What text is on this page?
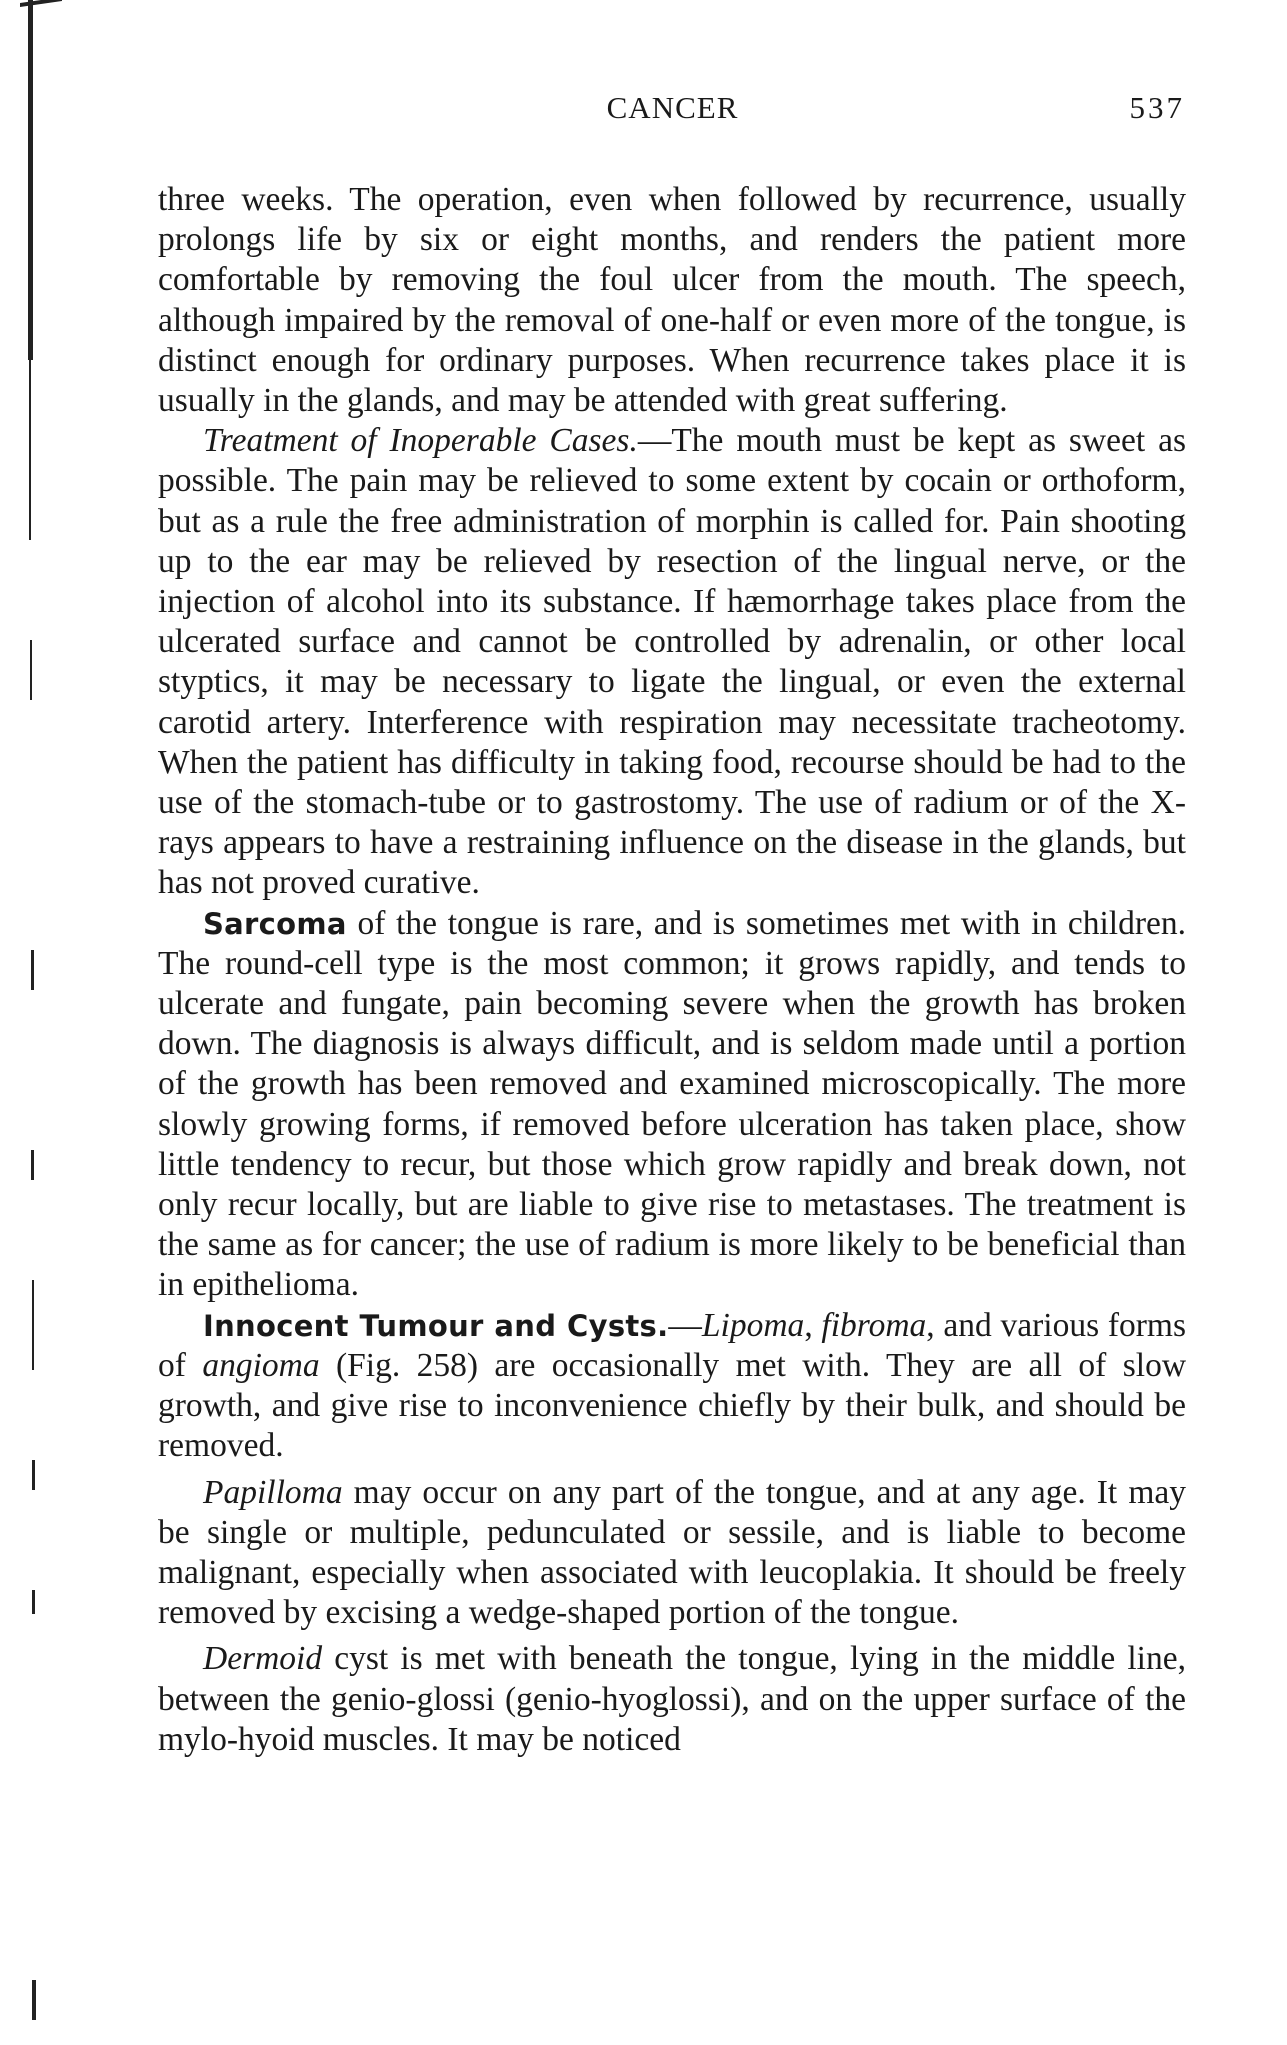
CANCER	537

three weeks. The operation, even when followed by recurrence, usually prolongs life by six or eight months, and renders the patient more comfortable by removing the foul ulcer from the mouth. The speech, although impaired by the removal of one-half or even more of the tongue, is distinct enough for ordinary purposes. When recurrence takes place it is usually in the glands, and may be attended with great suffering.

Treatment of Inoperable Cases.—The mouth must be kept as sweet as possible. The pain may be relieved to some extent by cocain or orthoform, but as a rule the free administration of morphin is called for. Pain shooting up to the ear may be relieved by resection of the lingual nerve, or the injection of alcohol into its substance. If hæmorrhage takes place from the ulcerated surface and cannot be controlled by adrenalin, or other local styptics, it may be necessary to ligate the lingual, or even the external carotid artery. Interference with respiration may necessitate tracheotomy. When the patient has difficulty in taking food, recourse should be had to the use of the stomach-tube or to gastrostomy. The use of radium or of the X-rays appears to have a restraining influence on the disease in the glands, but has not proved curative.

Sarcoma of the tongue is rare, and is sometimes met with in children. The round-cell type is the most common; it grows rapidly, and tends to ulcerate and fungate, pain becoming severe when the growth has broken down. The diagnosis is always difficult, and is seldom made until a portion of the growth has been removed and examined microscopically. The more slowly growing forms, if removed before ulceration has taken place, show little tendency to recur, but those which grow rapidly and break down, not only recur locally, but are liable to give rise to metastases. The treatment is the same as for cancer; the use of radium is more likely to be beneficial than in epithelioma.

Innocent Tumour and Cysts.—Lipoma, fibroma, and various forms of angioma (Fig. 258) are occasionally met with. They are all of slow growth, and give rise to inconvenience chiefly by their bulk, and should be removed.

Papilloma may occur on any part of the tongue, and at any age. It may be single or multiple, pedunculated or sessile, and is liable to become malignant, especially when associated with leucoplakia. It should be freely removed by excising a wedge-shaped portion of the tongue.

Dermoid cyst is met with beneath the tongue, lying in the middle line, between the genio-glossi (genio-hyoglossi), and on the upper surface of the mylo-hyoid muscles. It may be noticed
